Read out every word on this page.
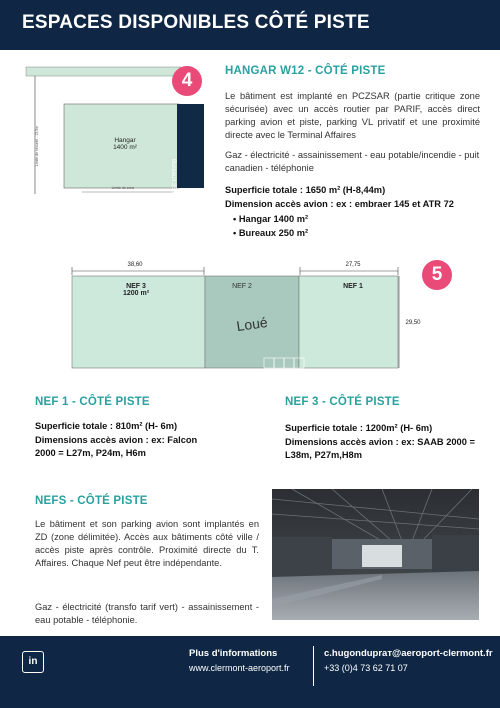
ESPACES DISPONIBLES CÔTÉ PISTE
Hangar
1400 m²
Bureaux 250 m²
Limite de sécurité - 15,5m
Limite de zone
4	HANGAR W12 - CÔTÉ PISTE
Le bâtiment est implanté en PCZSAR (partie critique zone sécurisée) avec un accès routier par PARIF, accès direct parking avion et piste, parking VL privatif et une proximité directe avec le Terminal Affaires
Gaz - électricité - assainissement - eau potable/incendie - puit canadien - téléphonie
Superficie totale : 1650 m² (H-8,44m)
Dimension accès avion : ex : embraer 145 et ATR 72
• Hangar 1400 m²
• Bureaux 250 m²
38,60	27,75
29,50
NEF 3
1200 m²
NEF 2
Loué
NEF 1
5
NEF 1 - CÔTÉ PISTE
Superficie totale : 810m² (H- 6m)
Dimensions accès avion : ex: Falcon 2000 = L27m, P24m, H6m
NEF 3 - CÔTÉ PISTE
Superficie totale : 1200m² (H- 6m)
Dimensions accès avion : ex: SAAB 2000 = L38m, P27m,H8m
NEFS - CÔTÉ PISTE
Le bâtiment et son parking avion sont implantés en ZD (zone délimitée). Accès aux bâtiments côté ville / accès piste après contrôle. Proximité directe du T. Affaires. Chaque Nef peut être indépendante.
Gaz - électricité (transfo tarif vert) - assainissement - eau potable - téléphonie.
in
Plus d'informations
www.clermont-aeroport.fr
c.hugondupraт@aeroport-clermont.fr
+33 (0)4 73 62 71 07
